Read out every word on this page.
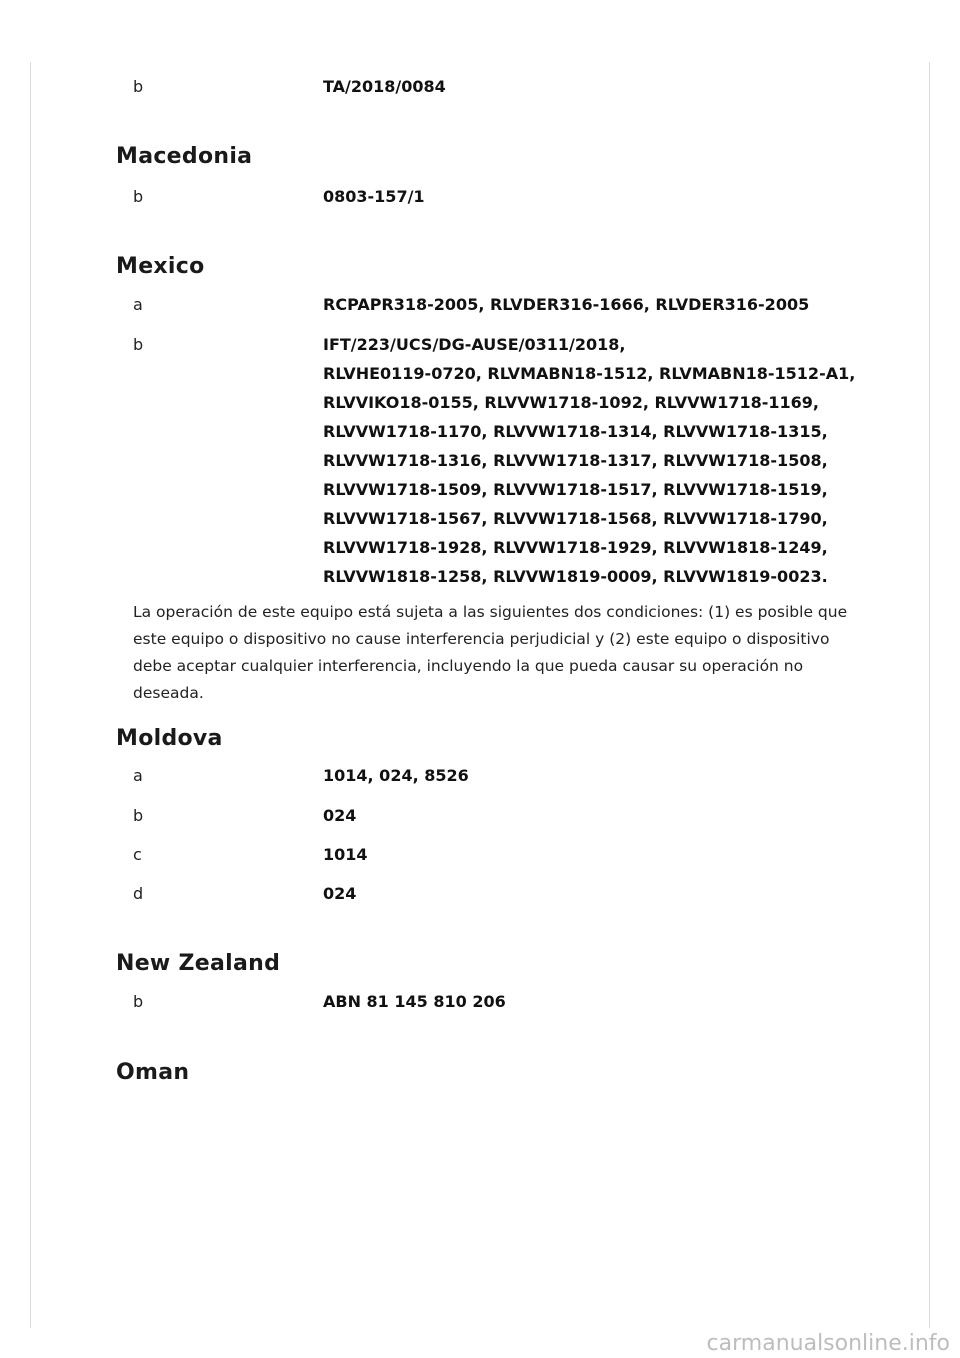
b	TA/2018/0084
Macedonia
b	0803-157/1
Mexico
a	RCPAPR318-2005, RLVDER316-1666, RLVDER316-2005
b	IFT/223/UCS/DG-AUSE/0311/2018,
RLVHE0119-0720, RLVMABN18-1512, RLVMABN18-1512-A1,
RLVVIKO18-0155, RLVVW1718-1092, RLVVW1718-1169,
RLVVW1718-1170, RLVVW1718-1314, RLVVW1718-1315,
RLVVW1718-1316, RLVVW1718-1317, RLVVW1718-1508,
RLVVW1718-1509, RLVVW1718-1517, RLVVW1718-1519,
RLVVW1718-1567, RLVVW1718-1568, RLVVW1718-1790,
RLVVW1718-1928, RLVVW1718-1929, RLVVW1818-1249,
RLVVW1818-1258, RLVVW1819-0009, RLVVW1819-0023.
La operación de este equipo está sujeta a las siguientes dos condiciones: (1) es posible que
este equipo o dispositivo no cause interferencia perjudicial y (2) este equipo o dispositivo
debe aceptar cualquier interferencia, incluyendo la que pueda causar su operación no deseada.
Moldova
a	1014, 024, 8526
b	024
c	1014
d	024
New Zealand
b	ABN 81 145 810 206
Oman
carmanualsonline.info
